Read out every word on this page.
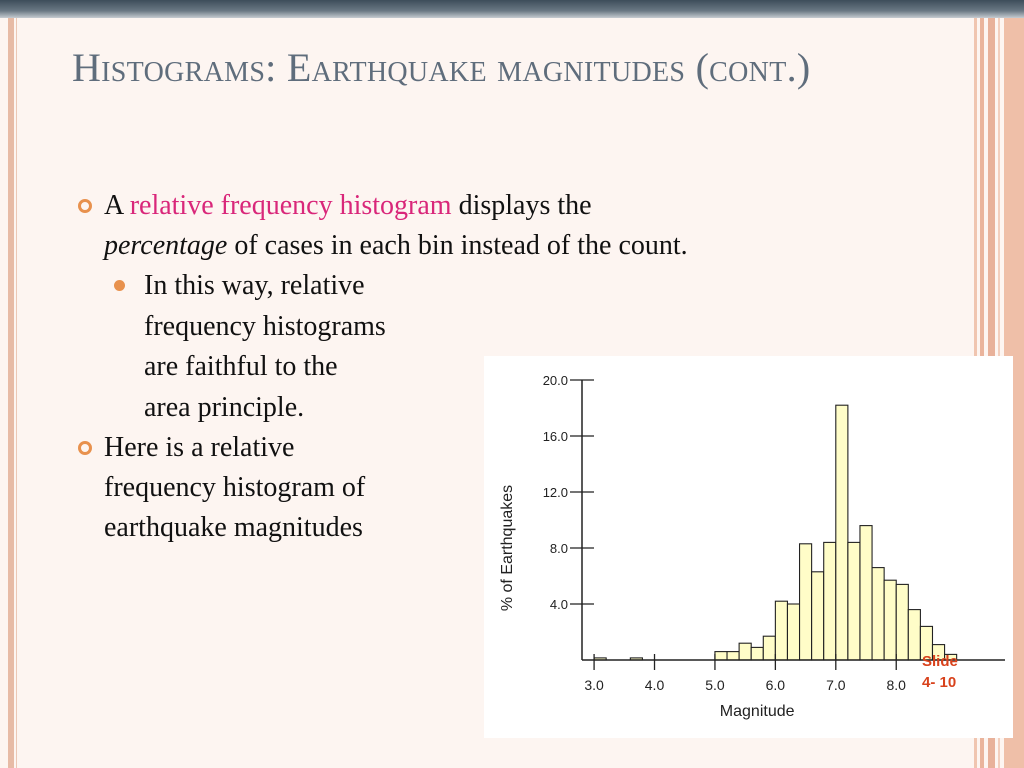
Histograms: Earthquake magnitudes (cont.)
A relative frequency histogram displays the
percentage of cases in each bin instead of the count.
In this way, relative
frequency histograms
are faithful to the
area principle.
Here is a relative
frequency histogram of
earthquake magnitudes
4.0
8.0
12.0
16.0
20.0
3.0	4.0	5.0	6.0	7.0	8.0
Magnitude
% of Earthquakes
Slide
4- 10
